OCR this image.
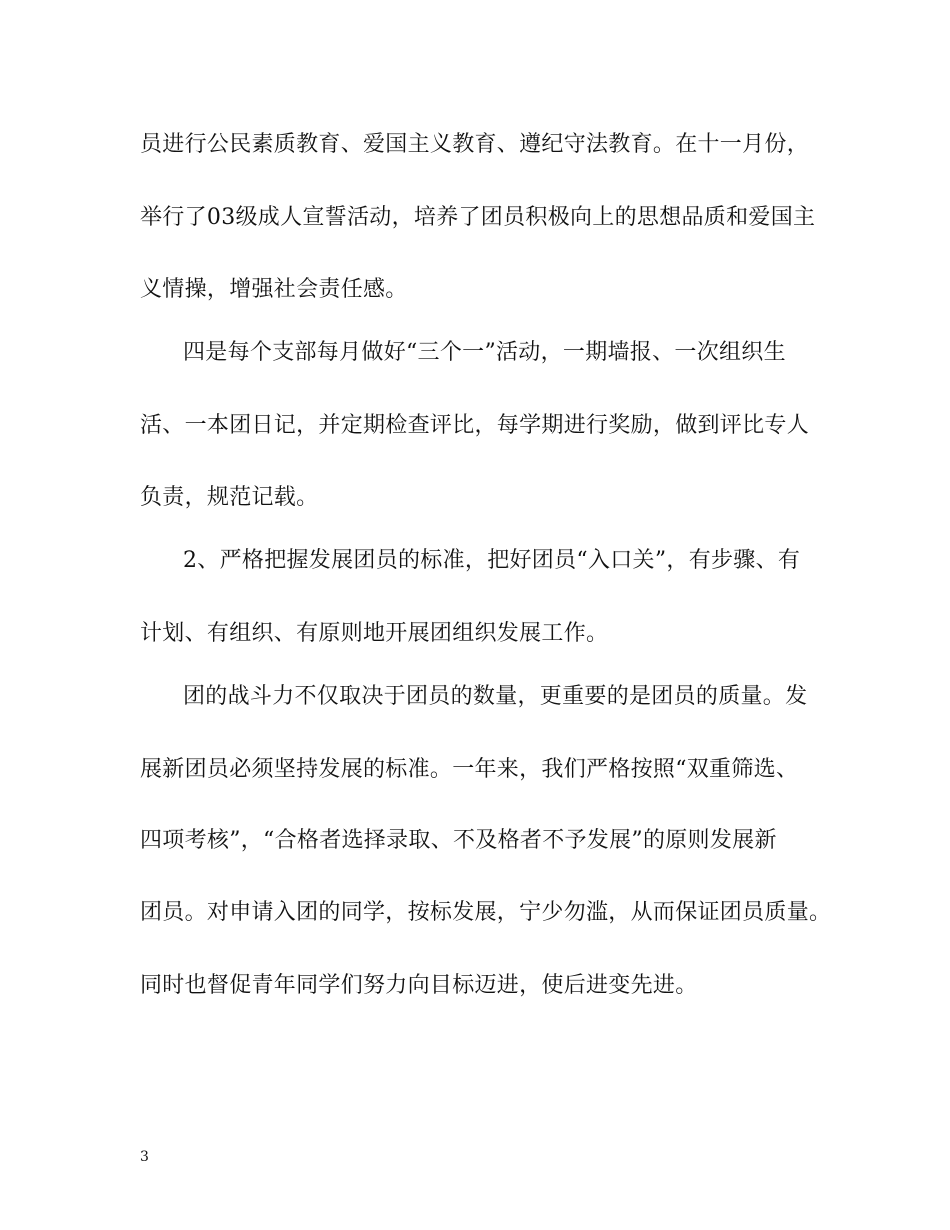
员进行公民素质教育、爱国主义教育、遵纪守法教育。在十一月份，
举行了03级成人宣誓活动，培养了团员积极向上的思想品质和爱国主
义情操，增强社会责任感。
四是每个支部每月做好“三个一”活动，一期墙报、一次组织生
活、一本团日记，并定期检查评比，每学期进行奖励，做到评比专人
负责，规范记载。
2、严格把握发展团员的标准，把好团员“入口关”，有步骤、有
计划、有组织、有原则地开展团组织发展工作。
团的战斗力不仅取决于团员的数量，更重要的是团员的质量。发
展新团员必须坚持发展的标准。一年来，我们严格按照“双重筛选、
四项考核”，“合格者选择录取、不及格者不予发展”的原则发展新
团员。对申请入团的同学，按标发展，宁少勿滥，从而保证团员质量。
同时也督促青年同学们努力向目标迈进，使后进变先进。
3
